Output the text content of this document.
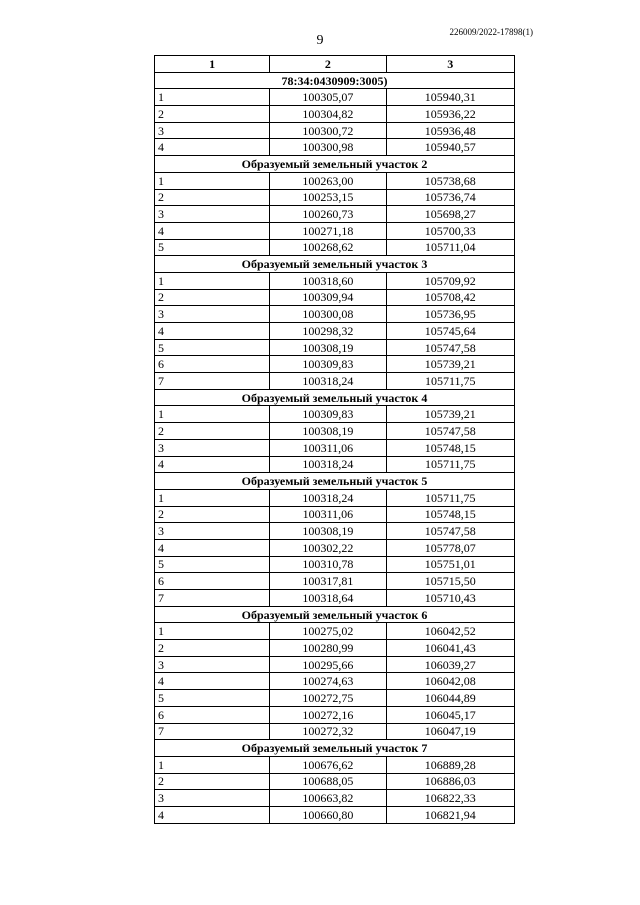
226009/2022-17898(1)
9
1	2	3
78:34:0430909:3005)		
1	100305,07	105940,31
2	100304,82	105936,22
3	100300,72	105936,48
4	100300,98	105940,57
Образуемый земельный участок 2		
1	100263,00	105738,68
2	100253,15	105736,74
3	100260,73	105698,27
4	100271,18	105700,33
5	100268,62	105711,04
Образуемый земельный участок 3		
1	100318,60	105709,92
2	100309,94	105708,42
3	100300,08	105736,95
4	100298,32	105745,64
5	100308,19	105747,58
6	100309,83	105739,21
7	100318,24	105711,75
Образуемый земельный участок 4		
1	100309,83	105739,21
2	100308,19	105747,58
3	100311,06	105748,15
4	100318,24	105711,75
Образуемый земельный участок 5		
1	100318,24	105711,75
2	100311,06	105748,15
3	100308,19	105747,58
4	100302,22	105778,07
5	100310,78	105751,01
6	100317,81	105715,50
7	100318,64	105710,43
Образуемый земельный участок 6		
1	100275,02	106042,52
2	100280,99	106041,43
3	100295,66	106039,27
4	100274,63	106042,08
5	100272,75	106044,89
6	100272,16	106045,17
7	100272,32	106047,19
Образуемый земельный участок 7		
1	100676,62	106889,28
2	100688,05	106886,03
3	100663,82	106822,33
4	100660,80	106821,94
